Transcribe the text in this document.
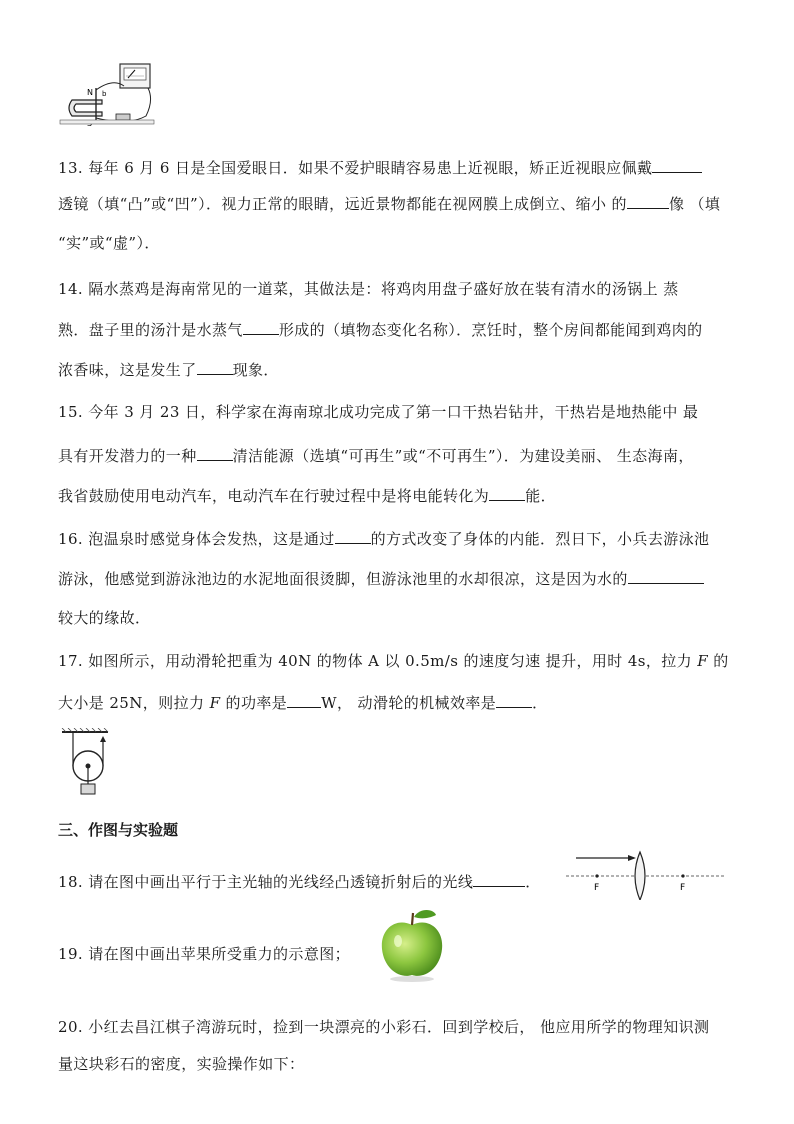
N b
13. 每年 6 月 6 日是全国爱眼日．如果不爱护眼睛容易患上近视眼，矫正近视眼应佩戴
透镜（填“凸”或“凹”）．视力正常的眼睛，远近景物都能在视网膜上成倒立、缩小 的	像 （填
“实”或“虚”）．
14. 隔水蒸鸡是海南常见的一道菜，其做法是：将鸡肉用盘子盛好放在装有清水的汤锅上 蒸
熟．盘子里的汤汁是水蒸气 形成的（填物态变化名称）．烹饪时，整个房间都能闻到鸡肉的
浓香味，这是发生了 现象．
15. 今年 3 月 23 日，科学家在海南琼北成功完成了第一口干热岩钻井，干热岩是地热能中 最
具有开发潜力的一种 清洁能源（选填“可再生”或“不可再生”）．为建设美丽、 生态海南，
我省鼓励使用电动汽车，电动汽车在行驶过程中是将电能转化为 能．
16. 泡温泉时感觉身体会发热，这是通过 的方式改变了身体的内能．烈日下，小兵去游泳池
游泳，他感觉到游泳池边的水泥地面很烫脚，但游泳池里的水却很凉，这是因为水的
较大的缘故．
17. 如图所示，用动滑轮把重为 40N 的物体 A 以 0.5m/s 的速度匀速 提升，用时 4s，拉力 F 的
大小是 25N，则拉力 F 的功率是 W， 动滑轮的机械效率是 ．
三、作图与实验题
18. 请在图中画出平行于主光轴的光线经凸透镜折射后的光线	．	F	F
19. 请在图中画出苹果所受重力的示意图；
20. 小红去昌江棋子湾游玩时，捡到一块漂亮的小彩石．回到学校后， 他应用所学的物理知识测
量这块彩石的密度，实验操作如下：
